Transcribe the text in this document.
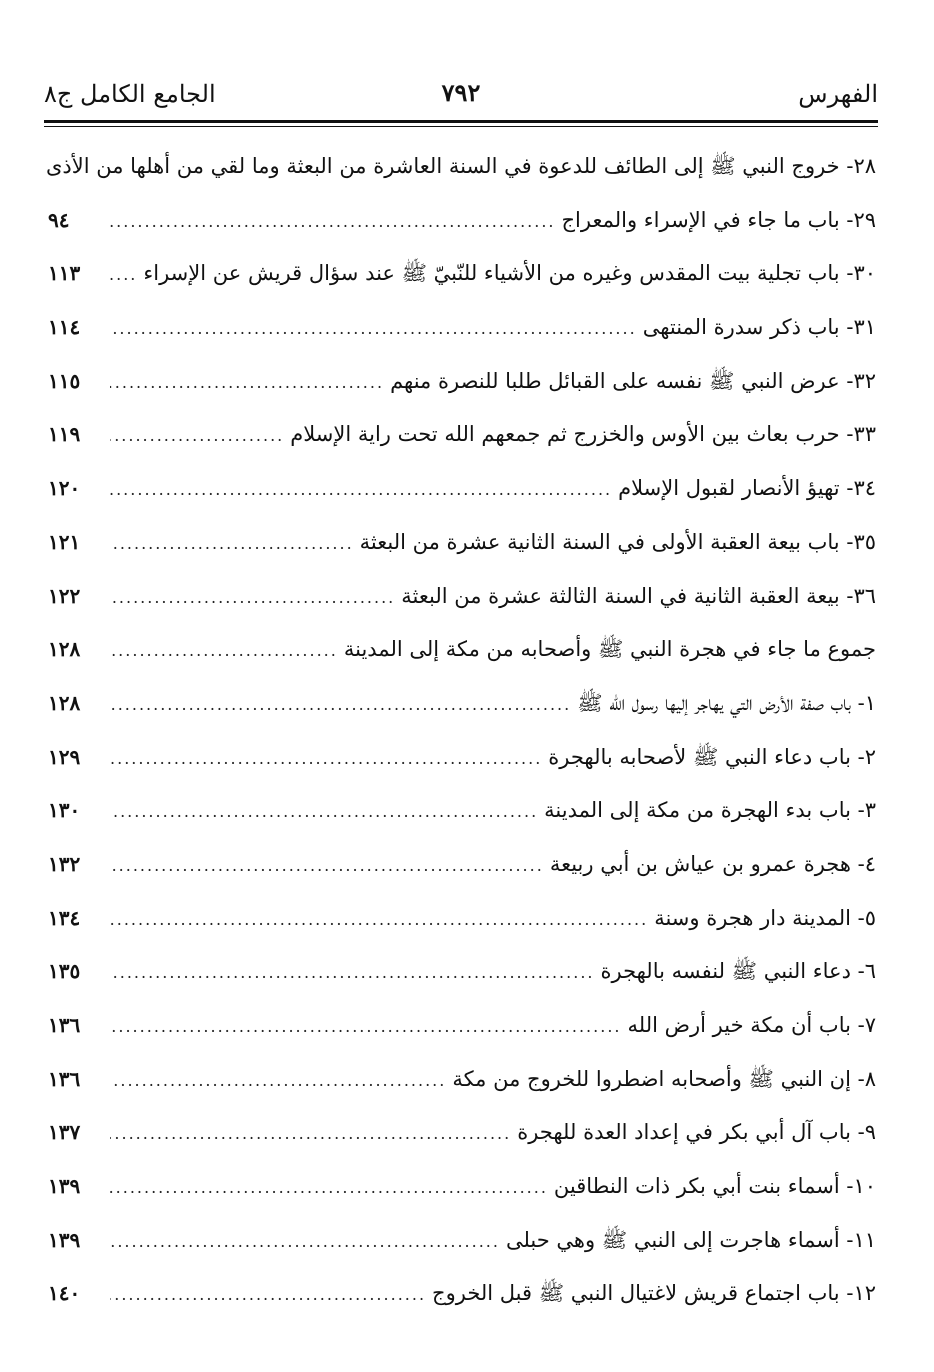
الفهرس
٧٩٢
الجامع الكامل ج٨
٢٨- خروج النبي ﷺ إلى الطائف للدعوة في السنة العاشرة من البعثة وما لقي من أهلها من الأذى
٢٩- باب ما جاء في الإسراء والمعراج
.....
٩٤
٣٠- باب تجلية بيت المقدس وغيره من الأشياء للنّبيّ ﷺ عند سؤال قريش عن الإسراء
.....
١١٣
٣١- باب ذكر سدرة المنتهى
.....
١١٤
٣٢- عرض النبي ﷺ نفسه على القبائل طلبا للنصرة منهم
.....
١١٥
٣٣- حرب بعاث بين الأوس والخزرج ثم جمعهم الله تحت راية الإسلام
.....
١١٩
٣٤- تهيؤ الأنصار لقبول الإسلام
.....
١٢٠
٣٥- باب بيعة العقبة الأولى في السنة الثانية عشرة من البعثة
.....
١٢١
٣٦- بيعة العقبة الثانية في السنة الثالثة عشرة من البعثة
.....
١٢٢
جموع ما جاء في هجرة النبي ﷺ وأصحابه من مكة إلى المدينة
.....
١٢٨
١- باب صفة الأرض التي يهاجر إليها رسول الله ﷺ
.....
١٢٨
٢- باب دعاء النبي ﷺ لأصحابه بالهجرة
.....
١٢٩
٣- باب بدء الهجرة من مكة إلى المدينة
.....
١٣٠
٤- هجرة عمرو بن عياش بن أبي ربيعة
.....
١٣٢
٥- المدينة دار هجرة وسنة
.....
١٣٤
٦- دعاء النبي ﷺ لنفسه بالهجرة
.....
١٣٥
٧- باب أن مكة خير أرض الله
.....
١٣٦
٨- إن النبي ﷺ وأصحابه اضطروا للخروج من مكة
.....
١٣٦
٩- باب آل أبي بكر في إعداد العدة للهجرة
.....
١٣٧
١٠- أسماء بنت أبي بكر ذات النطاقين
.....
١٣٩
١١- أسماء هاجرت إلى النبي ﷺ وهي حبلى
.....
١٣٩
١٢- باب اجتماع قريش لاغتيال النبي ﷺ قبل الخروج
.....
١٤٠
